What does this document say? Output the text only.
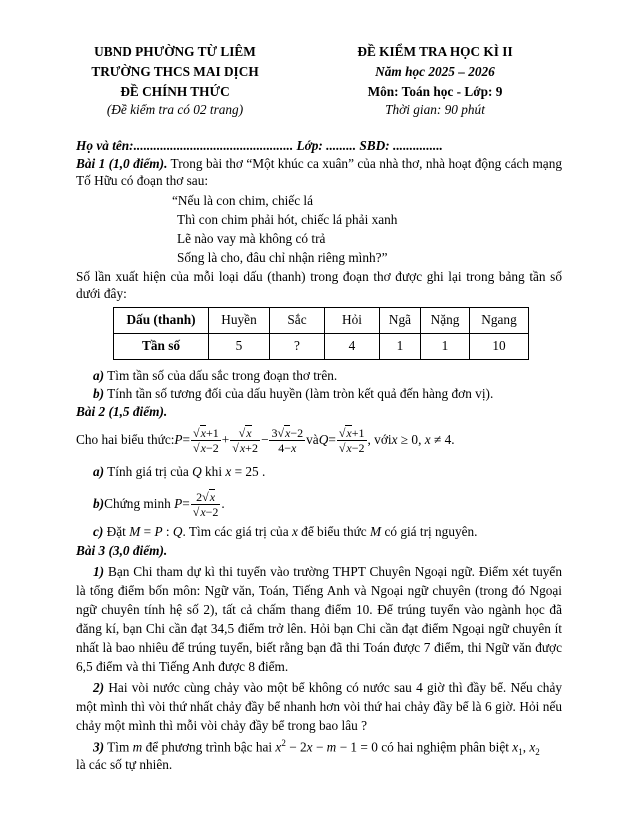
UBND PHƯỜNG TỪ LIÊM
TRƯỜNG THCS MAI DỊCH
ĐỀ CHÍNH THỨC
(Đề kiểm tra có 02 trang)
ĐỀ KIỂM TRA HỌC KÌ II
Năm học 2025 – 2026
Môn: Toán học - Lớp: 9
Thời gian: 90 phút
Họ và tên:................................................ Lớp: ......... SBD: ...............
Bài 1 (1,0 điểm). Trong bài thơ “Một khúc ca xuân” của nhà thơ, nhà hoạt động cách mạng Tố Hữu có đoạn thơ sau:
“Nếu là con chim, chiếc lá
Thì con chim phải hót, chiếc lá phải xanh
Lẽ nào vay mà không có trả
Sống là cho, đâu chỉ nhận riêng mình?”
Số lần xuất hiện của mỗi loại dấu (thanh) trong đoạn thơ được ghi lại trong bảng tần số dưới đây:
Dấu (thanh)	Huyền	Sắc	Hỏi	Ngã	Nặng	Ngang
Tần số	5	?	4	1	1	10
a) Tìm tần số của dấu sắc trong đoạn thơ trên.
b) Tính tần số tương đối của dấu huyền (làm tròn kết quả đến hàng đơn vị).
Bài 2 (1,5 điểm).
Cho hai biểu thức: $P = \frac{√x+1}{√x-2} + \frac{√x}{√x+2} - \frac{3√x-2}{4-x}$ và $Q = \frac{√x+1}{√x-2}$ , với x ≥ 0, x ≠ 4.
a) Tính giá trị của Q khi x = 25 .
b) Chứng minh
$P = \frac{2√x}{√x-2}$ .
c) Đặt M = P : Q. Tìm các giá trị của x để biểu thức M có giá trị nguyên.
Bài 3 (3,0 điểm).
1) Bạn Chi tham dự kì thi tuyển vào trường THPT Chuyên Ngoại ngữ. Điểm xét tuyển là tổng điểm bốn môn: Ngữ văn, Toán, Tiếng Anh và Ngoại ngữ chuyên (trong đó Ngoại ngữ chuyên tính hệ số 2), tất cả chấm thang điểm 10. Để trúng tuyển vào ngành học đã đăng kí, bạn Chi cần đạt 34,5 điểm trở lên. Hỏi bạn Chi cần đạt điểm Ngoại ngữ chuyên ít nhất là bao nhiêu để trúng tuyển, biết rằng bạn đã thi Toán được 7 điểm, thi Ngữ văn được 6,5 điểm và thi Tiếng Anh được 8 điểm.
2) Hai vòi nước cùng chảy vào một bể không có nước sau 4 giờ thì đầy bể. Nếu chảy một mình thì vòi thứ nhất chảy đầy bể nhanh hơn vòi thứ hai chảy đầy bể là 6 giờ. Hỏi nếu chảy một mình thì mỗi vòi chảy đầy bể trong bao lâu ?
3) Tìm m để phương trình bậc hai $x^2 - 2x - m - 1 = 0$ có hai nghiệm phân biệt $x_1$, $x_2$
là các số tự nhiên.
